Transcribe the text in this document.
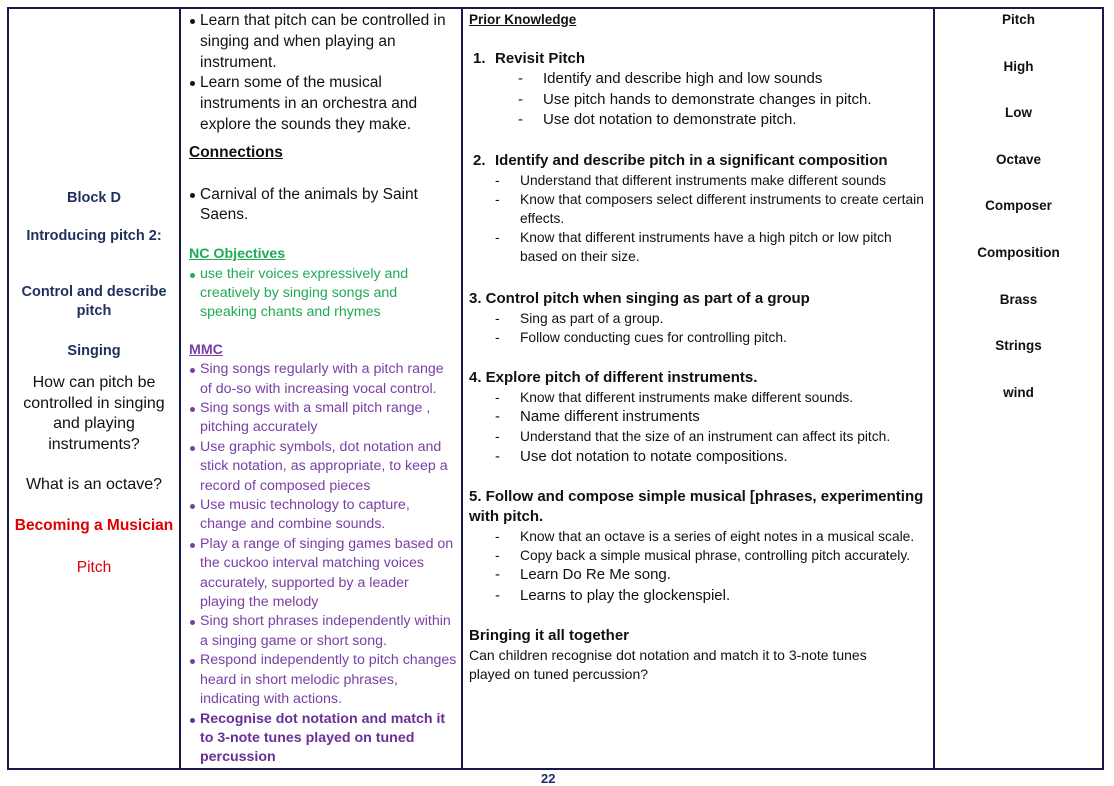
Block D
Introducing pitch 2:
Control and describe pitch
Singing
How can pitch be controlled in singing and playing instruments?
What is an octave?
Becoming a Musician
Pitch
Learn that pitch can be controlled in singing and when playing an instrument.
Learn some of the musical instruments in an orchestra and explore the sounds they make.
Connections
Carnival of the animals by Saint Saens.
NC Objectives
use their voices expressively and creatively by singing songs and speaking chants and rhymes
MMC
Sing songs regularly with a pitch range of do-so with increasing vocal control.
Sing songs with a small pitch range , pitching accurately
Use graphic symbols, dot notation and stick notation, as appropriate, to keep a record of composed pieces
Use music technology to capture, change and combine sounds.
Play a range of singing games based on the cuckoo interval matching voices accurately, supported by a leader playing the melody
Sing short phrases independently within a singing game or short song.
Respond independently to pitch changes heard in short melodic phrases, indicating with actions.
Recognise dot notation and match it to 3-note tunes played on tuned percussion
Prior Knowledge
1. Revisit Pitch
- Identify and describe high and low sounds
- Use pitch hands to demonstrate changes in pitch.
- Use dot notation to demonstrate pitch.
2. Identify and describe pitch in a significant composition
- Understand that different instruments make different sounds
- Know that composers select different instruments to create certain effects.
- Know that different instruments have a high pitch or low pitch based on their size.
3. Control pitch when singing as part of a group
- Sing as part of a group.
- Follow conducting cues for controlling pitch.
4. Explore pitch of different instruments.
- Know that different instruments make different sounds.
- Name different instruments
- Understand that the size of an instrument can affect its pitch.
- Use dot notation to notate compositions.
5. Follow and compose simple musical [phrases, experimenting with pitch.
- Know that an octave is a series of eight notes in a musical scale.
- Copy back a simple musical phrase, controlling pitch accurately.
- Learn Do Re Me song.
- Learns to play the glockenspiel.
Bringing it all together
Can children recognise dot notation and match it to 3-note tunes played on tuned percussion?
Pitch
High
Low
Octave
Composer
Composition
Brass
Strings
wind
22
